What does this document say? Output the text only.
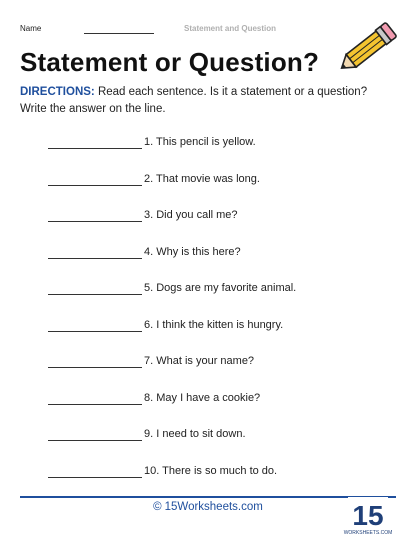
Name	Statement and Question
Statement or Question?
DIRECTIONS: Read each sentence. Is it a statement or a question? Write the answer on the line.
1. This pencil is yellow.
2. That movie was long.
3. Did you call me?
4. Why is this here?
5. Dogs are my favorite animal.
6. I think the kitten is hungry.
7. What is your name?
8. May I have a cookie?
9. I need to sit down.
10. There is so much to do.
© 15Worksheets.com	15
WORKSHEETS.COM
